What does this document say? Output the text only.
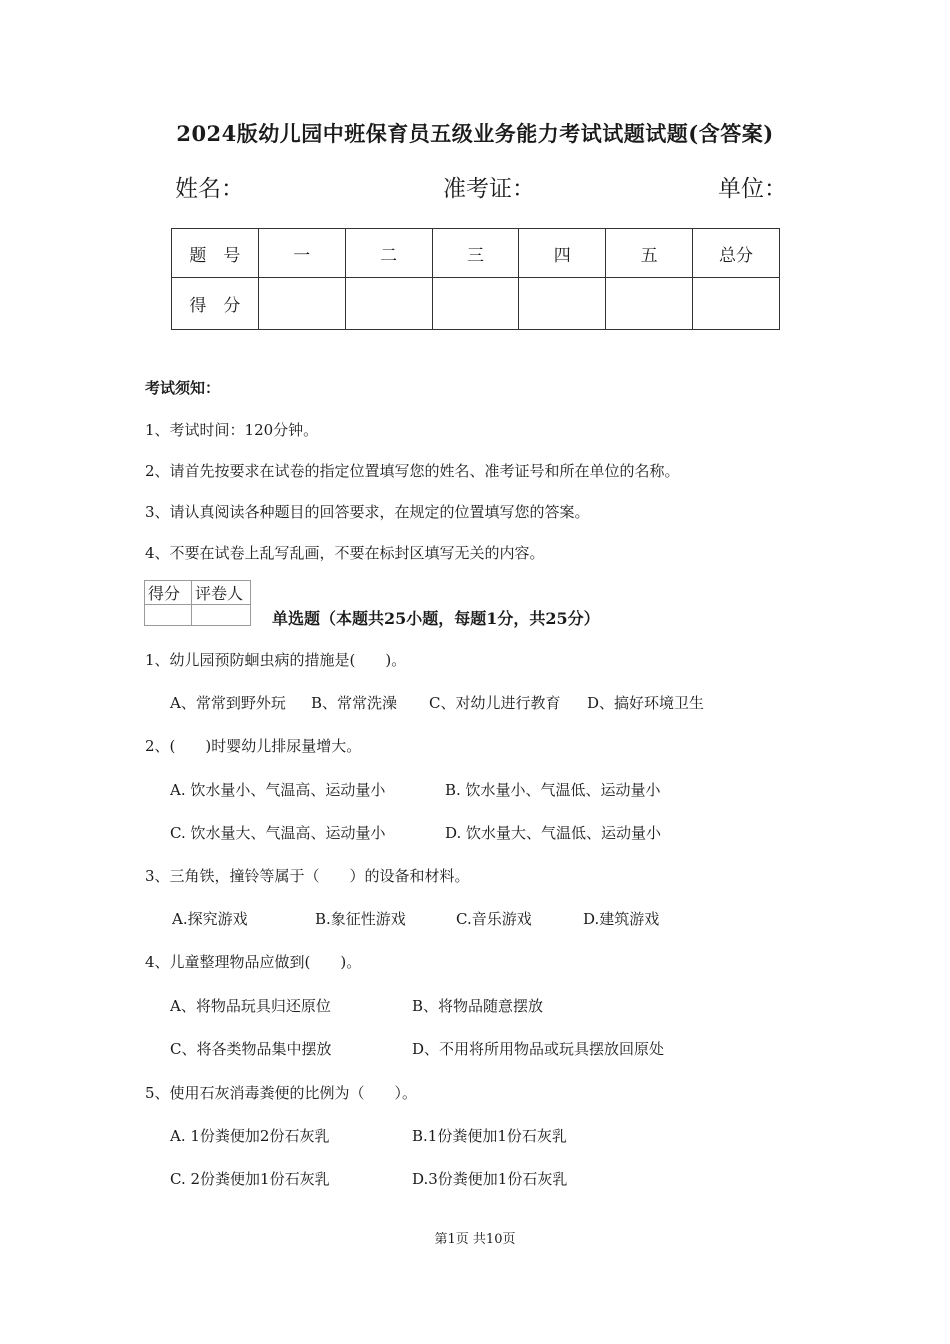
2024版幼儿园中班保育员五级业务能力考试试题试题(含答案)
姓名：	准考证：	单位：
题　号	一	二	三	四	五	总分
得　分						
考试须知：
1、考试时间：120分钟。
2、请首先按要求在试卷的指定位置填写您的姓名、准考证号和所在单位的名称。
3、请认真阅读各种题目的回答要求，在规定的位置填写您的答案。
4、不要在试卷上乱写乱画，不要在标封区填写无关的内容。
得分	评卷人

单选题（本题共25小题，每题1分，共25分）
1、幼儿园预防蛔虫病的措施是(　　)。
A、常常到野外玩 B、常常洗澡 C、对幼儿进行教育 D、搞好环境卫生
2、(　　)时婴幼儿排尿量增大。
A. 饮水量小、气温高、运动量小	B. 饮水量小、气温低、运动量小
C. 饮水量大、气温高、运动量小	D. 饮水量大、气温低、运动量小
3、三角铁，撞铃等属于（　　）的设备和材料。
A.探究游戏	B.象征性游戏	C.音乐游戏	D.建筑游戏
4、儿童整理物品应做到(　　)。
A、将物品玩具归还原位	B、将物品随意摆放
C、将各类物品集中摆放	D、不用将所用物品或玩具摆放回原处
5、使用石灰消毒粪便的比例为（　　）。
A. 1份粪便加2份石灰乳	B.1份粪便加1份石灰乳
C. 2份粪便加1份石灰乳	D.3份粪便加1份石灰乳
第1页 共10页
